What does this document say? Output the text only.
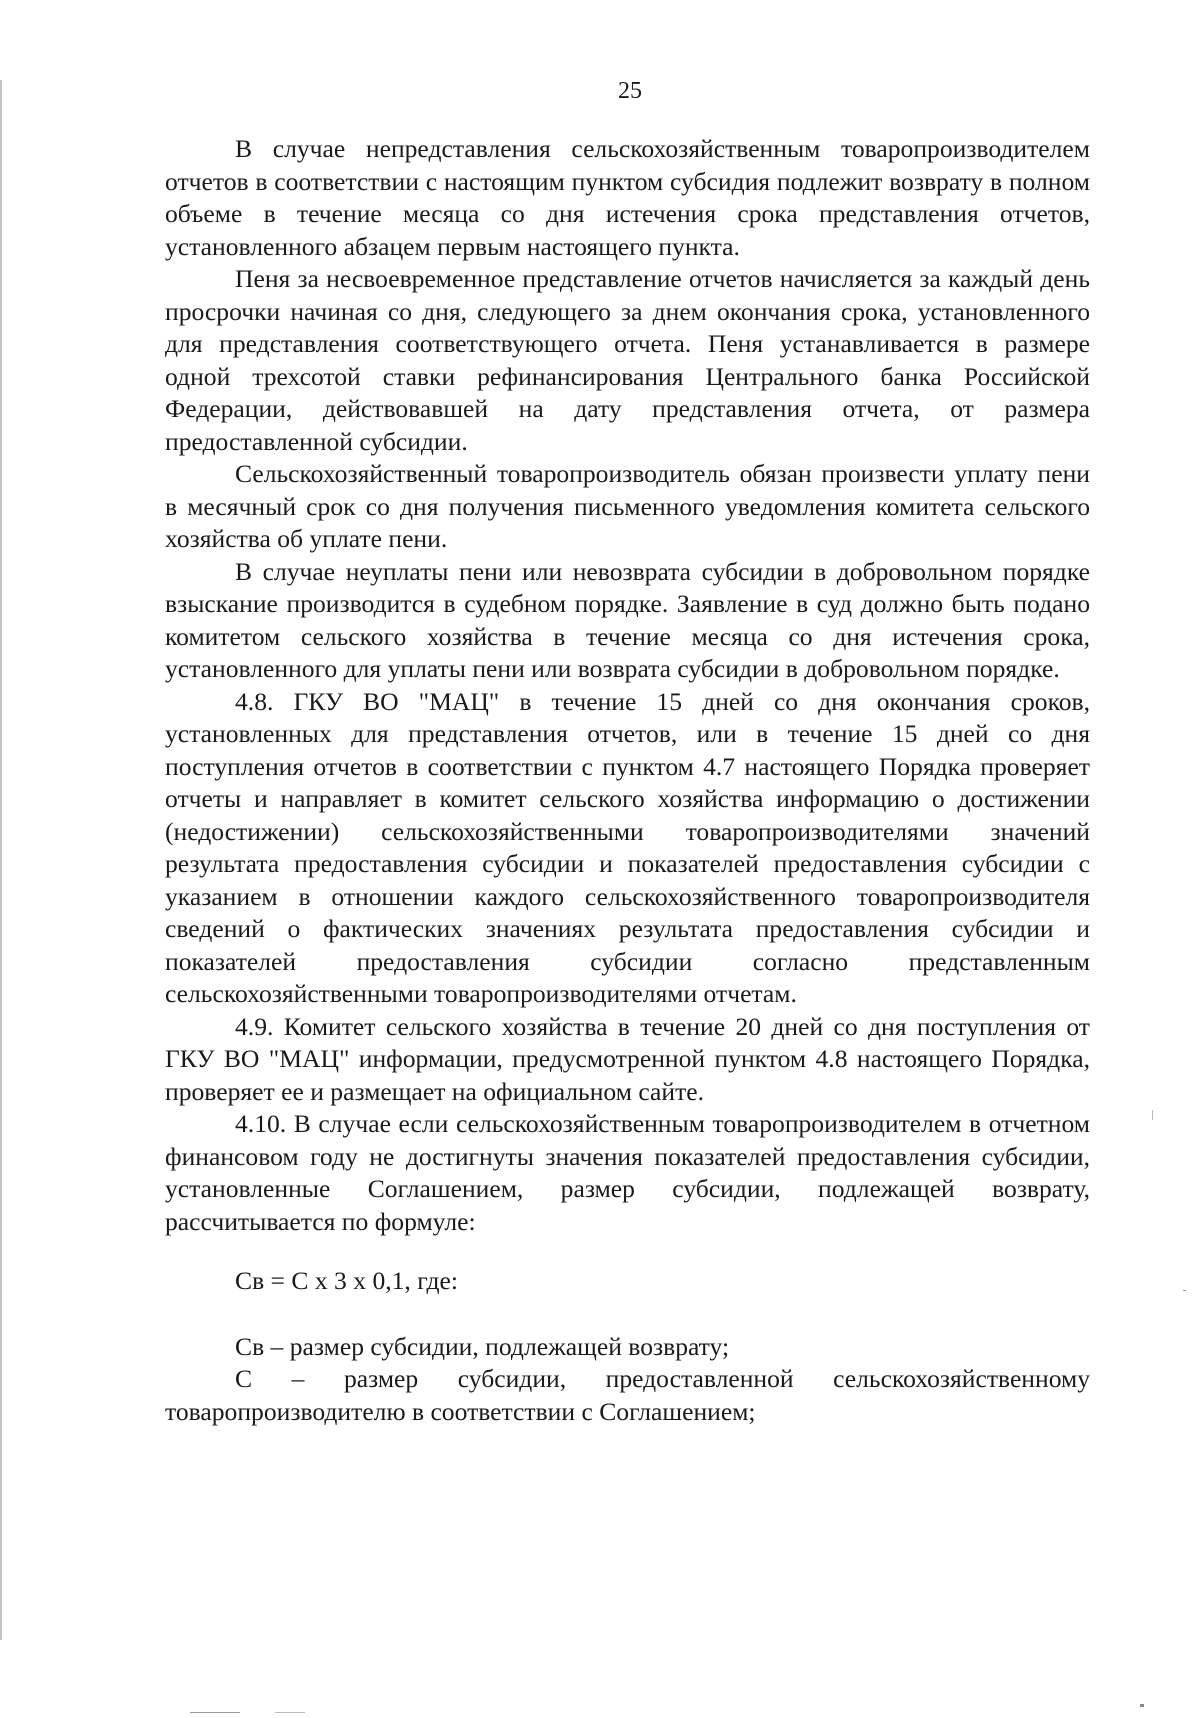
25

В случае непредставления сельскохозяйственным товаропроизводителем отчетов в соответствии с настоящим пунктом субсидия подлежит возврату в полном объеме в течение месяца со дня истечения срока представления отчетов, установленного абзацем первым настоящего пункта.

Пеня за несвоевременное представление отчетов начисляется за каждый день просрочки начиная со дня, следующего за днем окончания срока, установленного для представления соответствующего отчета. Пеня устанавливается в размере одной трехсотой ставки рефинансирования Центрального банка Российской Федерации, действовавшей на дату представления отчета, от размера предоставленной субсидии.

Сельскохозяйственный товаропроизводитель обязан произвести уплату пени в месячный срок со дня получения письменного уведомления комитета сельского хозяйства об уплате пени.

В случае неуплаты пени или невозврата субсидии в добровольном порядке взыскание производится в судебном порядке. Заявление в суд должно быть подано комитетом сельского хозяйства в течение месяца со дня истечения срока, установленного для уплаты пени или возврата субсидии в добровольном порядке.

4.8. ГКУ ВО "МАЦ" в течение 15 дней со дня окончания сроков, установленных для представления отчетов, или в течение 15 дней со дня поступления отчетов в соответствии с пунктом 4.7 настоящего Порядка проверяет отчеты и направляет в комитет сельского хозяйства информацию о достижении (недостижении) сельскохозяйственными товаропроизводителями значений результата предоставления субсидии и показателей предоставления субсидии с указанием в отношении каждого сельскохозяйственного товаропроизводителя сведений о фактических значениях результата предоставления субсидии и показателей предоставления субсидии согласно представленным сельскохозяйственными товаропроизводителями отчетам.

4.9. Комитет сельского хозяйства в течение 20 дней со дня поступления от ГКУ ВО "МАЦ" информации, предусмотренной пунктом 4.8 настоящего Порядка, проверяет ее и размещает на официальном сайте.

4.10. В случае если сельскохозяйственным товаропроизводителем в отчетном финансовом году не достигнуты значения показателей предоставления субсидии, установленные Соглашением, размер субсидии, подлежащей возврату, рассчитывается по формуле:

Св = С х 3 х 0,1, где:

Св – размер субсидии, подлежащей возврату;

С – размер субсидии, предоставленной сельскохозяйственному товаропроизводителю в соответствии с Соглашением;
